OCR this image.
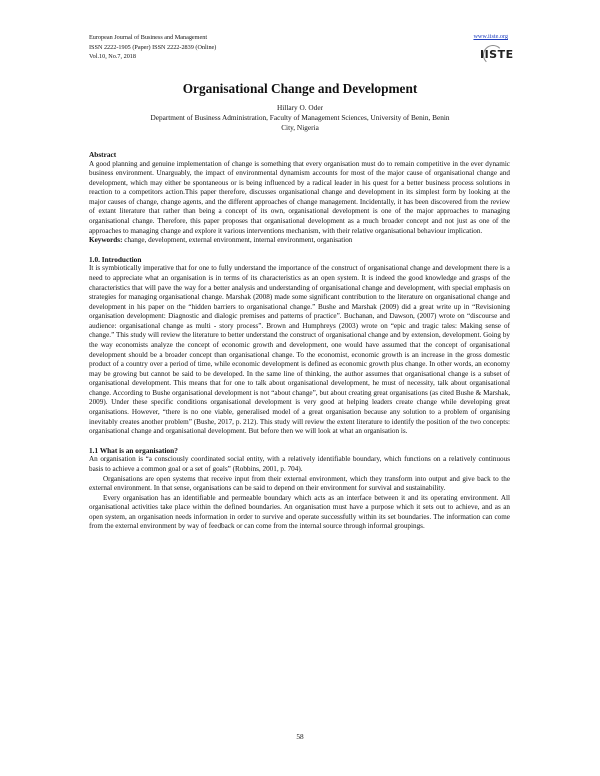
European Journal of Business and Management
ISSN 2222-1905 (Paper) ISSN 2222-2839 (Online)
Vol.10, No.7, 2018
www.iiste.org
IISTE
Organisational Change and Development
Hillary O. Oder
Department of Business Administration, Faculty of Management Sciences, University of Benin, Benin City, Nigeria
Abstract

A good planning and genuine implementation of change is something that every organisation must do to remain competitive in the ever dynamic business environment. Unarguably, the impact of environmental dynamism accounts for most of the major cause of organisational change and development, which may either be spontaneous or is being influenced by a radical leader in his quest for a better business process solutions in reaction to a competitors action.This paper therefore, discusses organisational change and development in its simplest form by looking at the major causes of change, change agents, and the different approaches of change management. Incidentally, it has been discovered from the review of extant literature that rather than being a concept of its own, organisational development is one of the major approaches to managing organisational change. Therefore, this paper proposes that organisational development as a much broader concept and not just as one of the approaches to managing change and explore it various interventions mechanism, with their relative organisational behaviour implication.

Keywords: change, development, external environment, internal environment, organisation

1.0. Introduction

It is symbiotically imperative that for one to fully understand the importance of the construct of organisational change and development there is a need to appreciate what an organisation is in terms of its characteristics as an open system. It is indeed the good knowledge and grasps of the characteristics that will pave the way for a better analysis and understanding of organisational change and development, with special emphasis on strategies for managing organisational change. Marshak (2008) made some significant contribution to the literature on organisational change and development in his paper on the “hidden barriers to organisational change.” Bushe and Marshak (2009) did a great write up in “Revisioning organisation development: Diagnostic and dialogic premises and patterns of practice”. Buchanan, and Dawson, (2007) wrote on “discourse and audience: organisational change as multi - story process”. Brown and Humphreys (2003) wrote on “epic and tragic tales: Making sense of change.” This study will review the literature to better understand the construct of organisational change and by extension, development. Going by the way economists analyze the concept of economic growth and development, one would have assumed that the concept of organisational development should be a broader concept than organisational change. To the economist, economic growth is an increase in the gross domestic product of a country over a period of time, while economic development is defined as economic growth plus change. In other words, an economy may be growing but cannot be said to be developed. In the same line of thinking, the author assumes that organisational change is a subset of organisational development. This means that for one to talk about organisational development, he must of necessity, talk about organisational change. According to Bushe organisational development is not “about change”, but about creating great organisations (as cited Bushe & Marshak, 2009). Under these specific conditions organisational development is very good at helping leaders create change while developing great organisations. However, “there is no one viable, generalised model of a great organisation because any solution to a problem of organising inevitably creates another problem” (Bushe, 2017, p. 212). This study will review the extent literature to identify the position of the two concepts: organisational change and organisational development. But before then we will look at what an organisation is.

1.1 What is an organisation?

An organisation is “a consciously coordinated social entity, with a relatively identifiable boundary, which functions on a relatively continuous basis to achieve a common goal or a set of goals” (Robbins, 2001, p. 704).

Organisations are open systems that receive input from their external environment, which they transform into output and give back to the external environment. In that sense, organisations can be said to depend on their environment for survival and sustainability.

Every organisation has an identifiable and permeable boundary which acts as an interface between it and its operating environment. All organisational activities take place within the defined boundaries. An organisation must have a purpose which it sets out to achieve, and as an open system, an organisation needs information in order to survive and operate successfully within its set boundaries. The information can come from the external environment by way of feedback or can come from the internal source through informal groupings.

58
